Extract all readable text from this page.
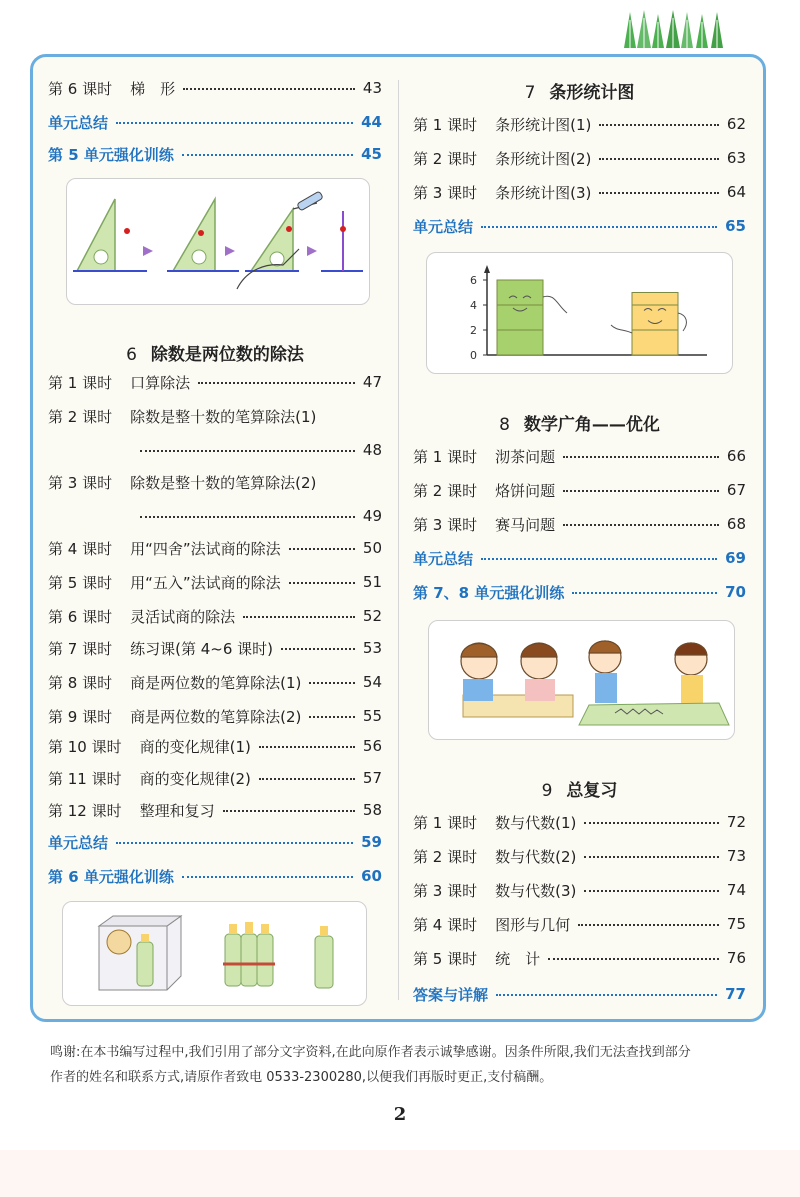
第 6 课时 梯　形	43
单元总结	44
第 5 单元强化训练	45
第 1 课时 口算除法	47
第 2 课时 除数是整十数的笔算除法(1)
48
第 3 课时 除数是整十数的笔算除法(2)
49
第 4 课时 用“四舍”法试商的除法	50
第 5 课时 用“五入”法试商的除法	51
第 6 课时 灵活试商的除法	52
第 7 课时 练习课(第 4~6 课时)	53
第 8 课时 商是两位数的笔算除法(1)	54
第 9 课时 商是两位数的笔算除法(2)	55
第 10 课时 商的变化规律(1)	56
第 11 课时 商的变化规律(2)	57
第 12 课时 整理和复习	58
单元总结	59
第 6 单元强化训练	60
第 1 课时 条形统计图(1)	62
第 2 课时 条形统计图(2)	63
第 3 课时 条形统计图(3)	64
单元总结	65
第 1 课时 沏茶问题	66
第 2 课时 烙饼问题	67
第 3 课时 赛马问题	68
单元总结	69
第 7、8 单元强化训练	70
第 1 课时 数与代数(1)	72
第 2 课时 数与代数(2)	73
第 3 课时 数与代数(3)	74
第 4 课时 图形与几何	75
第 5 课时 统　计	76
答案与详解	77
6 除数是两位数的除法
7 条形统计图
8 数学广角——优化
9 总复习
0
2
4
6
鸣谢:在本书编写过程中,我们引用了部分文字资料,在此向原作者表示诚挚感谢。因条件所限,我们无法查找到部分
作者的姓名和联系方式,请原作者致电 0533-2300280,以便我们再版时更正,支付稿酬。
2
